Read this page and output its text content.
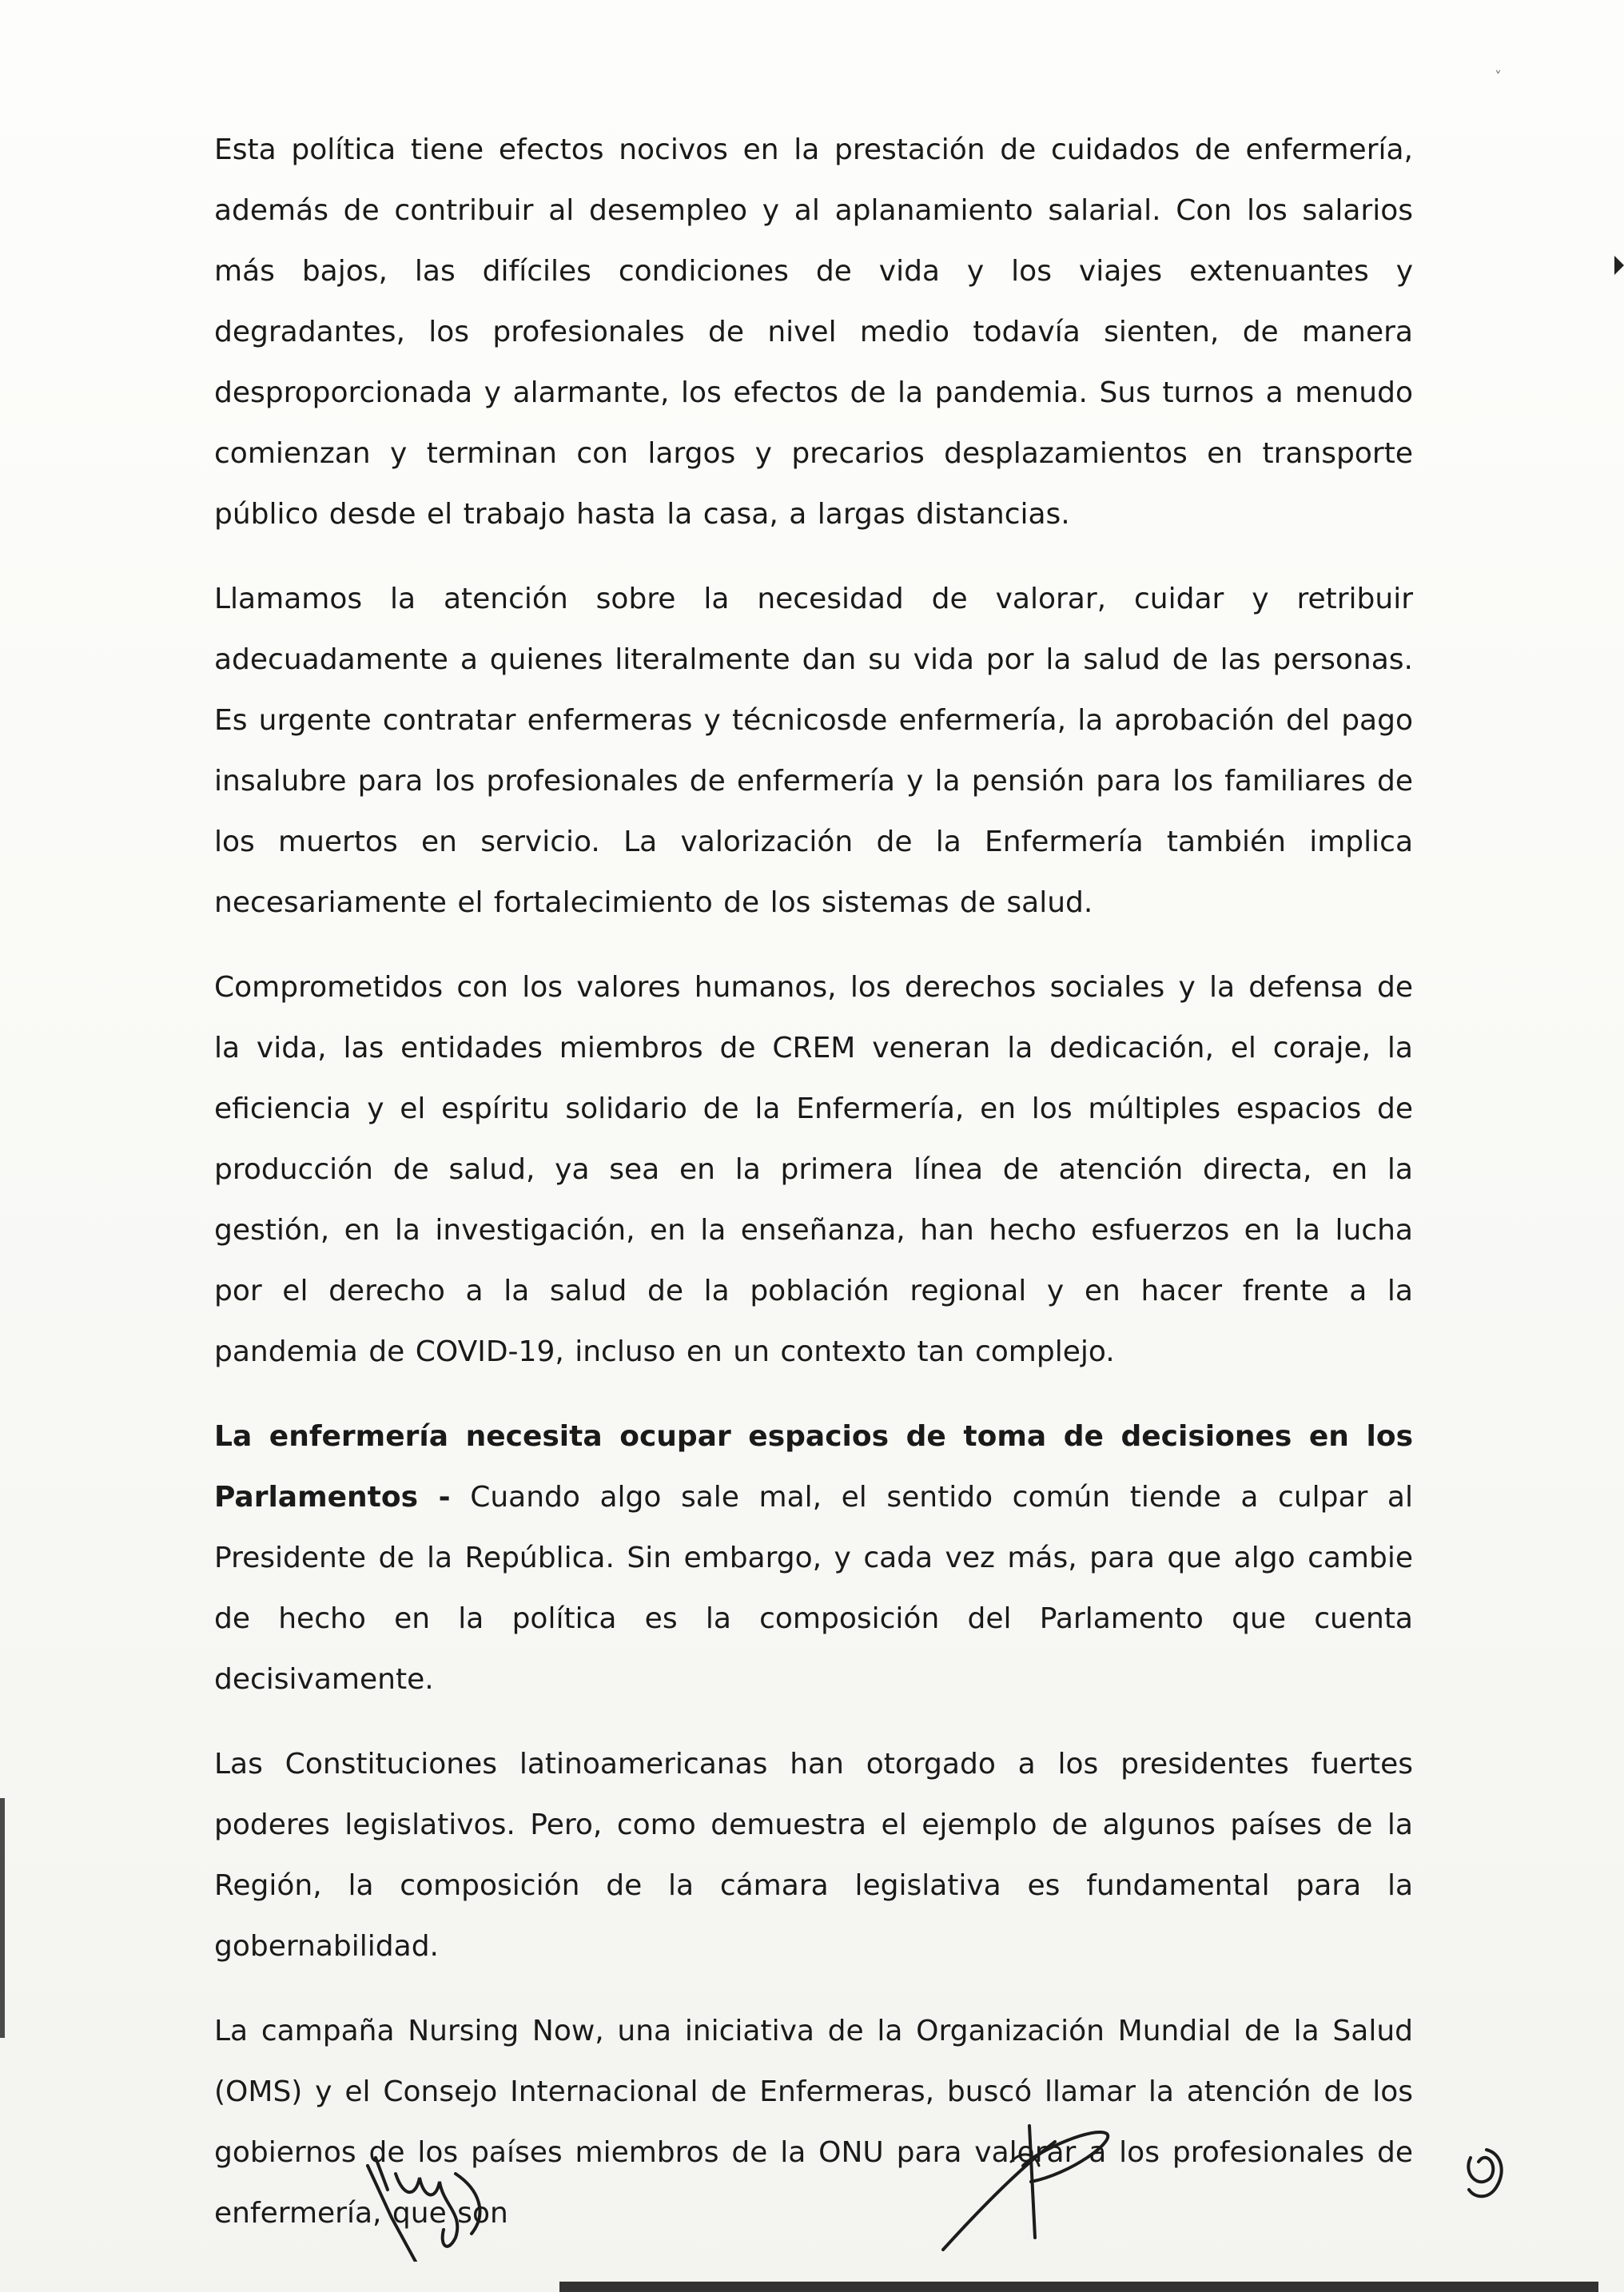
˅

Esta política tiene efectos nocivos en la prestación de cuidados de enfermería, además de contribuir al desempleo y al aplanamiento salarial. Con los salarios más bajos, las difíciles condiciones de vida y los viajes extenuantes y degradantes, los profesionales de nivel medio todavía sienten, de manera desproporcionada y alarmante, los efectos de la pandemia. Sus turnos a menudo comienzan y terminan con largos y precarios desplazamientos en transporte público desde el trabajo hasta la casa, a largas distancias.

Llamamos la atención sobre la necesidad de valorar, cuidar y retribuir adecuadamente a quienes literalmente dan su vida por la salud de las personas. Es urgente contratar enfermeras y técnicosde enfermería, la aprobación del pago insalubre para los profesionales de enfermería y la pensión para los familiares de los muertos en servicio. La valorización de la Enfermería también implica necesariamente el fortalecimiento de los sistemas de salud.

Comprometidos con los valores humanos, los derechos sociales y la defensa de la vida, las entidades miembros de CREM veneran la dedicación, el coraje, la eficiencia y el espíritu solidario de la Enfermería, en los múltiples espacios de producción de salud, ya sea en la primera línea de atención directa, en la gestión, en la investigación, en la enseñanza, han hecho esfuerzos en la lucha por el derecho a la salud de la población regional y en hacer frente a la pandemia de COVID-19, incluso en un contexto tan complejo.

La enfermería necesita ocupar espacios de toma de decisiones en los Parlamentos - Cuando algo sale mal, el sentido común tiende a culpar al Presidente de la República. Sin embargo, y cada vez más, para que algo cambie de hecho en la política es la composición del Parlamento que cuenta decisivamente.

Las Constituciones latinoamericanas han otorgado a los presidentes fuertes poderes legislativos. Pero, como demuestra el ejemplo de algunos países de la Región, la composición de la cámara legislativa es fundamental para la gobernabilidad.

La campaña Nursing Now, una iniciativa de la Organización Mundial de la Salud (OMS) y el Consejo Internacional de Enfermeras, buscó llamar la atención de los gobiernos de los países miembros de la ONU para valorar a los profesionales de enfermería, que son
